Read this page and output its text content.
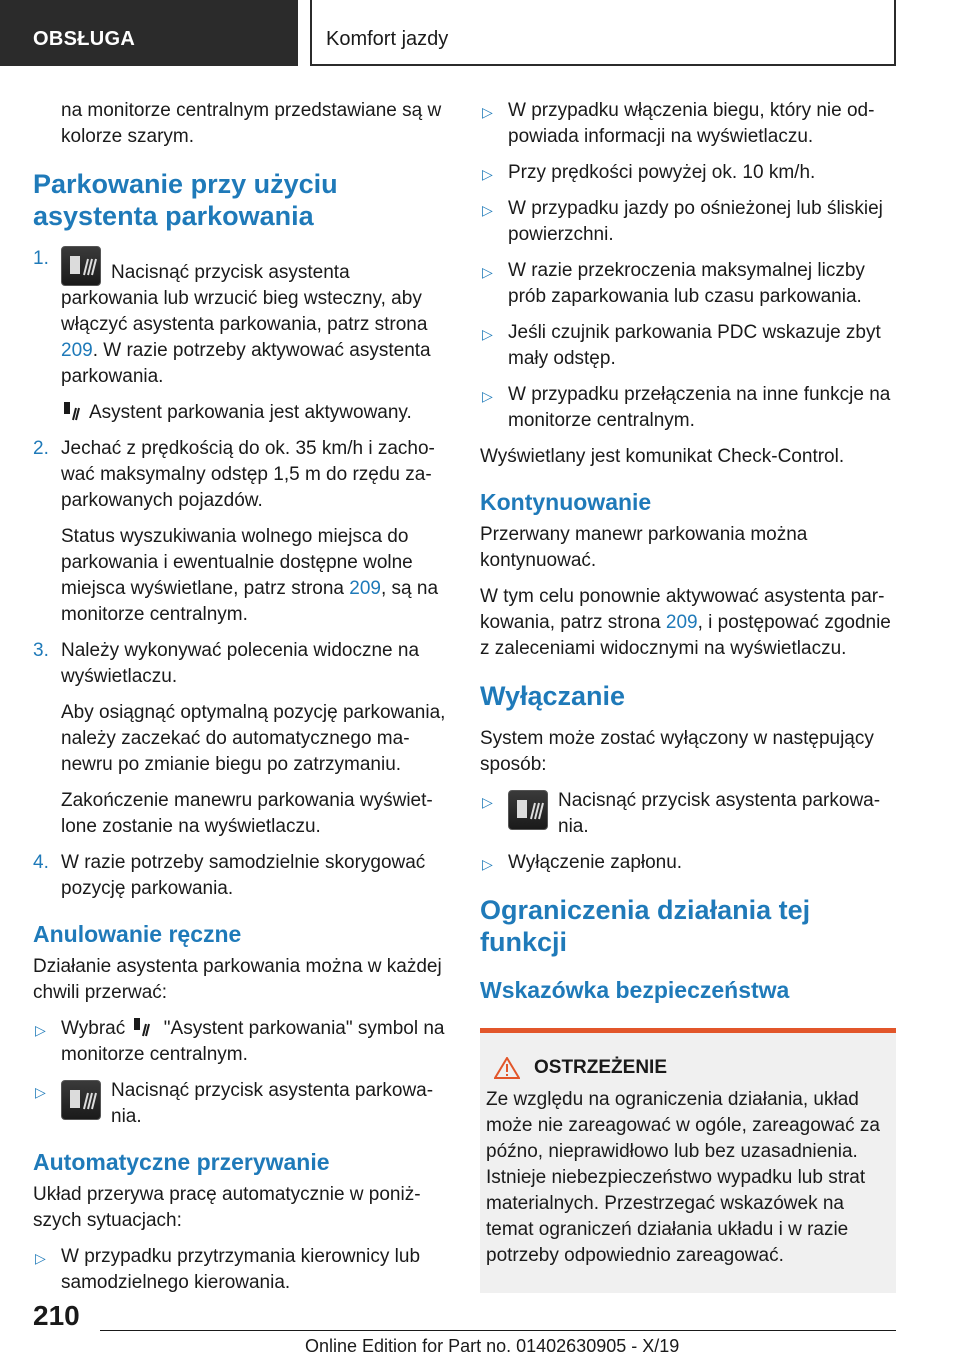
OBSŁUGA	Komfort jazdy

na monitorze centralnym przedstawiane są w kolorze szarym.

Parkowanie przy użyciu asystenta parkowania
1.
Nacisnąć przycisk asystenta parkowania lub wrzucić bieg wsteczny, aby włączyć asystenta parkowania, patrz strona 209. W razie potrzeby aktywować asystenta parkowania.
Asystent parkowania jest aktywowany.
2. Jechać z prędkością do ok. 35 km/h i zachować maksymalny odstęp 1,5 m do rzędu zaparkowanych pojazdów.
Status wyszukiwania wolnego miejsca do parkowania i ewentualnie dostępne wolne miejsca wyświetlane, patrz strona 209, są na monitorze centralnym.
3. Należy wykonywać polecenia widoczne na wyświetlaczu.
Aby osiągnąć optymalną pozycję parkowania, należy zaczekać do automatycznego manewru po zmianie biegu po zatrzymaniu.
Zakończenie manewru parkowania wyświetlone zostanie na wyświetlaczu.
4. W razie potrzeby samodzielnie skorygować pozycję parkowania.
Anulowanie ręczne

Działanie asystenta parkowania można w każdej chwili przerwać:

▷ Wybrać  "Asystent parkowania" symbol na monitorze centralnym.
▷	Nacisnąć przycisk asystenta parkowania.
Automatyczne przerywanie

Układ przerywa pracę automatycznie w poniższych sytuacjach:

▷ W przypadku przytrzymania kierownicy lub samodzielnego kierowania.
▷ W przypadku włączenia biegu, który nie odpowiada informacji na wyświetlaczu.
▷ Przy prędkości powyżej ok. 10 km/h.
▷ W przypadku jazdy po ośnieżonej lub śliskiej powierzchni.
▷ W razie przekroczenia maksymalnej liczby prób zaparkowania lub czasu parkowania.
▷ Jeśli czujnik parkowania PDC wskazuje zbyt mały odstęp.
▷ W przypadku przełączenia na inne funkcje na monitorze centralnym.

Wyświetlany jest komunikat Check-Control.

Kontynuowanie

Przerwany manewr parkowania można kontynuować.

W tym celu ponownie aktywować asystenta parkowania, patrz strona 209, i postępować zgodnie z zaleceniami widocznymi na wyświetlaczu.

Wyłączanie

System może zostać wyłączony w następujący sposób:

▷	Nacisnąć przycisk asystenta parkowania.
▷ Wyłączenie zapłonu.
Ograniczenia działania tej funkcji
Wskazówka bezpieczeństwa
OSTRZEŻENIE

Ze względu na ograniczenia działania, układ może nie zareagować w ogóle, zareagować za późno, nieprawidłowo lub bez uzasadnienia. Istnieje niebezpieczeństwo wypadku lub strat materialnych. Przestrzegać wskazówek na temat ograniczeń działania układu i w razie potrzeby odpowiednio zareagować.

210
Online Edition for Part no. 01402630905 - X/19
